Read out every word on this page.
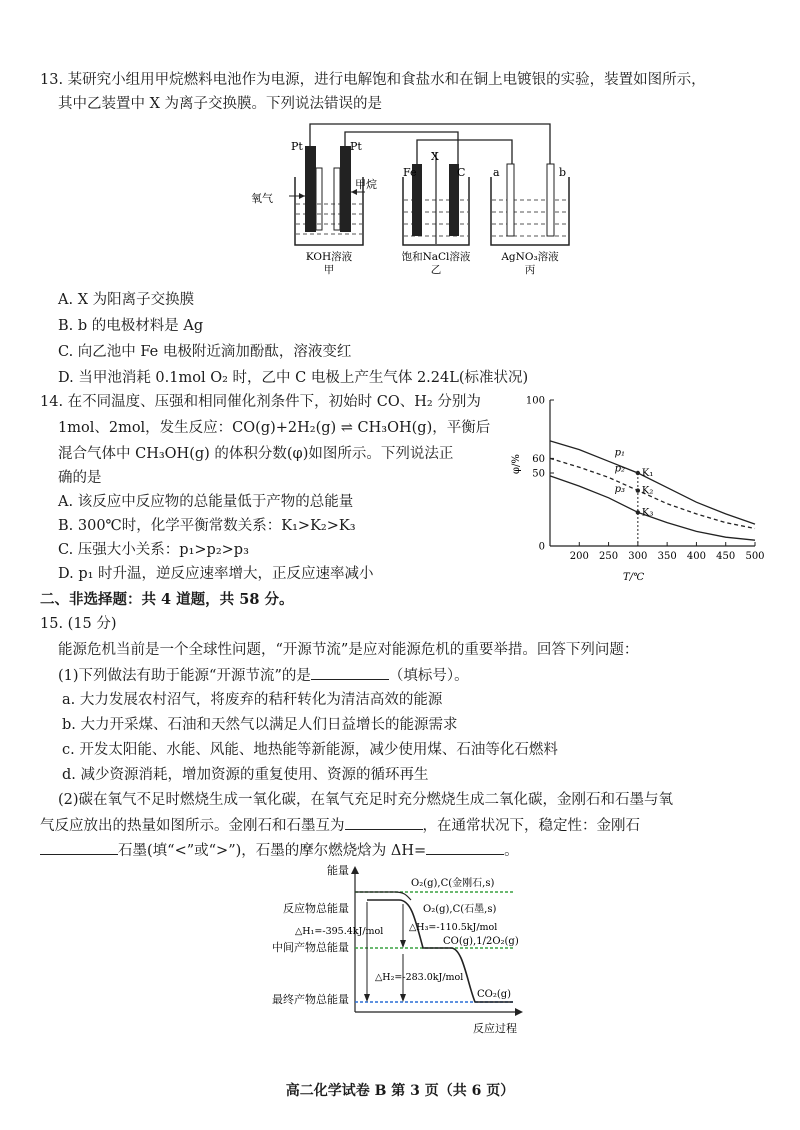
13. 某研究小组用甲烷燃料电池作为电源，进行电解饱和食盐水和在铜上电镀银的实验，装置如图所示，
其中乙装置中 X 为离子交换膜。下列说法错误的是
Pt	Pt
氧气
甲烷
Fe
X
C	a	b
KOH溶液
甲
饱和NaCl溶液
乙
AgNO₃溶液
丙
A. X 为阳离子交换膜
B. b 的电极材料是 Ag
C. 向乙池中 Fe 电极附近滴加酚酞，溶液变红
D. 当甲池消耗 0.1mol O₂ 时，乙中 C 电极上产生气体 2.24L(标准状况)
14. 在不同温度、压强和相同催化剂条件下，初始时 CO、H₂ 分别为
1mol、2mol，发生反应：CO(g)+2H₂(g) ⇌ CH₃OH(g)，平衡后
混合气体中 CH₃OH(g) 的体积分数(φ)如图所示。下列说法正
确的是
A. 该反应中反应物的总能量低于产物的总能量
B. 300℃时，化学平衡常数关系：K₁>K₂>K₃
C. 压强大小关系：p₁>p₂>p₃
D. p₁ 时升温，逆反应速率增大，正反应速率减小
200 250 300 350 400 450 500
0
50
60
100
p₁
p₂
p₃
K₁
K₂
K₃
φ/%
T/℃
二、非选择题：共 4 道题，共 58 分。
15. (15 分)
能源危机当前是一个全球性问题，“开源节流”是应对能源危机的重要举措。回答下列问题：
(1)下列做法有助于能源“开源节流”的是	（填标号）。
a. 大力发展农村沼气，将废弃的秸秆转化为清洁高效的能源
b. 大力开采煤、石油和天然气以满足人们日益增长的能源需求
c. 开发太阳能、水能、风能、地热能等新能源，减少使用煤、石油等化石燃料
d. 减少资源消耗，增加资源的重复使用、资源的循环再生
(2)碳在氧气不足时燃烧生成一氧化碳，在氧气充足时充分燃烧生成二氧化碳，金刚石和石墨与氧
气反应放出的热量如图所示。金刚石和石墨互为	，在通常状况下，稳定性：金刚石
石墨(填“<”或“>”)，石墨的摩尔燃烧焓为 ΔH=	。
能量
反应物总能量
中间产物总能量
最终产物总能量
反应过程
O₂(g),C(金刚石,s)
O₂(g),C(石墨,s)
CO(g),1/2O₂(g)
CO₂(g)
△H₁=-395.4kJ/mol	△H₃=-110.5kJ/mol
△H₂=-283.0kJ/mol
高二化学试卷 B 第 3 页（共 6 页）
